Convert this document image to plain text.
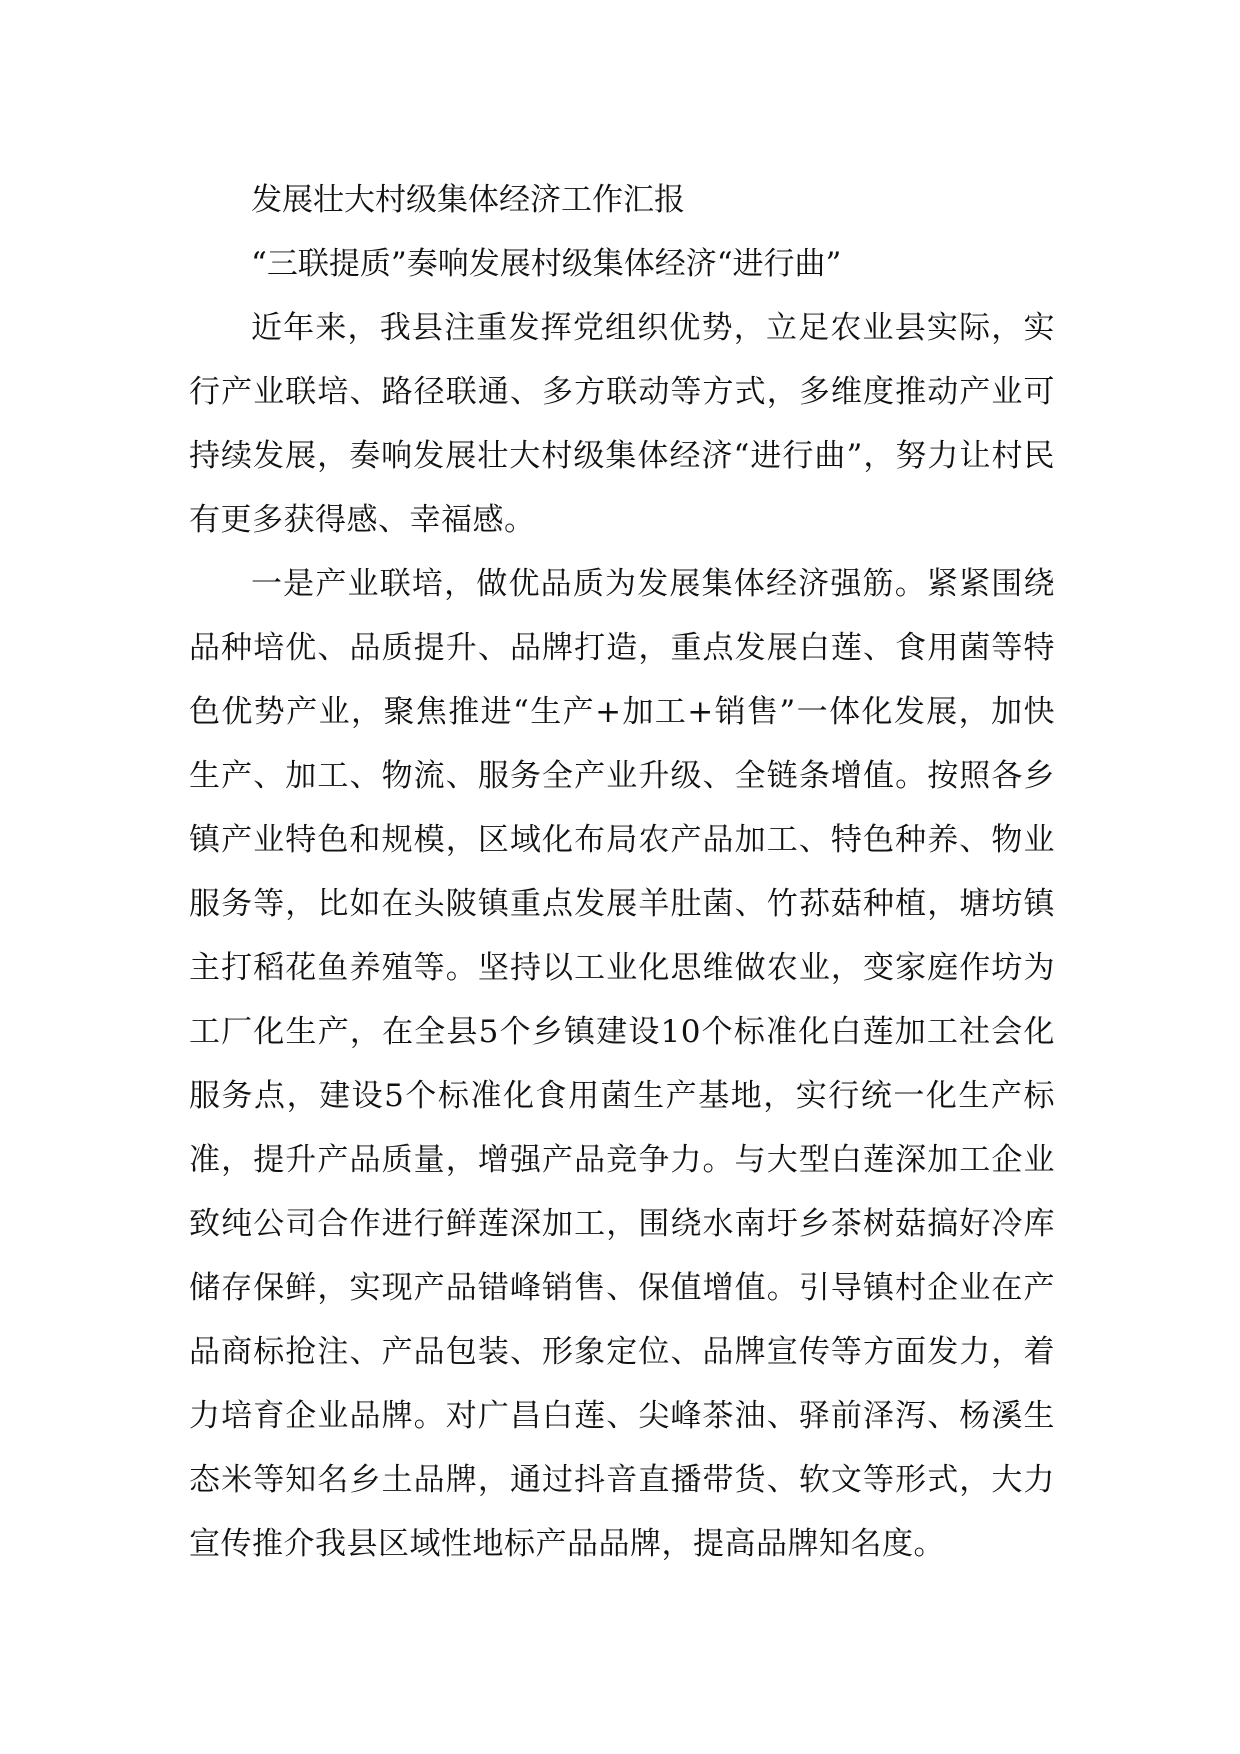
发展壮大村级集体经济工作汇报

“三联提质”奏响发展村级集体经济“进行曲”

近年来，我县注重发挥党组织优势，立足农业县实际，实行产业联培、路径联通、多方联动等方式，多维度推动产业可持续发展，奏响发展壮大村级集体经济“进行曲”，努力让村民有更多获得感、幸福感。

一是产业联培，做优品质为发展集体经济强筋。紧紧围绕品种培优、品质提升、品牌打造，重点发展白莲、食用菌等特色优势产业，聚焦推进“生产+加工+销售”一体化发展，加快生产、加工、物流、服务全产业升级、全链条增值。按照各乡镇产业特色和规模，区域化布局农产品加工、特色种养、物业服务等，比如在头陂镇重点发展羊肚菌、竹荪菇种植，塘坊镇主打稻花鱼养殖等。坚持以工业化思维做农业，变家庭作坊为工厂化生产，在全县5个乡镇建设10个标准化白莲加工社会化服务点，建设5个标准化食用菌生产基地，实行统一化生产标准，提升产品质量，增强产品竞争力。与大型白莲深加工企业致纯公司合作进行鲜莲深加工，围绕水南圩乡茶树菇搞好冷库储存保鲜，实现产品错峰销售、保值增值。引导镇村企业在产品商标抢注、产品包装、形象定位、品牌宣传等方面发力，着力培育企业品牌。对广昌白莲、尖峰茶油、驿前泽泻、杨溪生态米等知名乡土品牌，通过抖音直播带货、软文等形式，大力宣传推介我县区域性地标产品品牌，提高品牌知名度。
